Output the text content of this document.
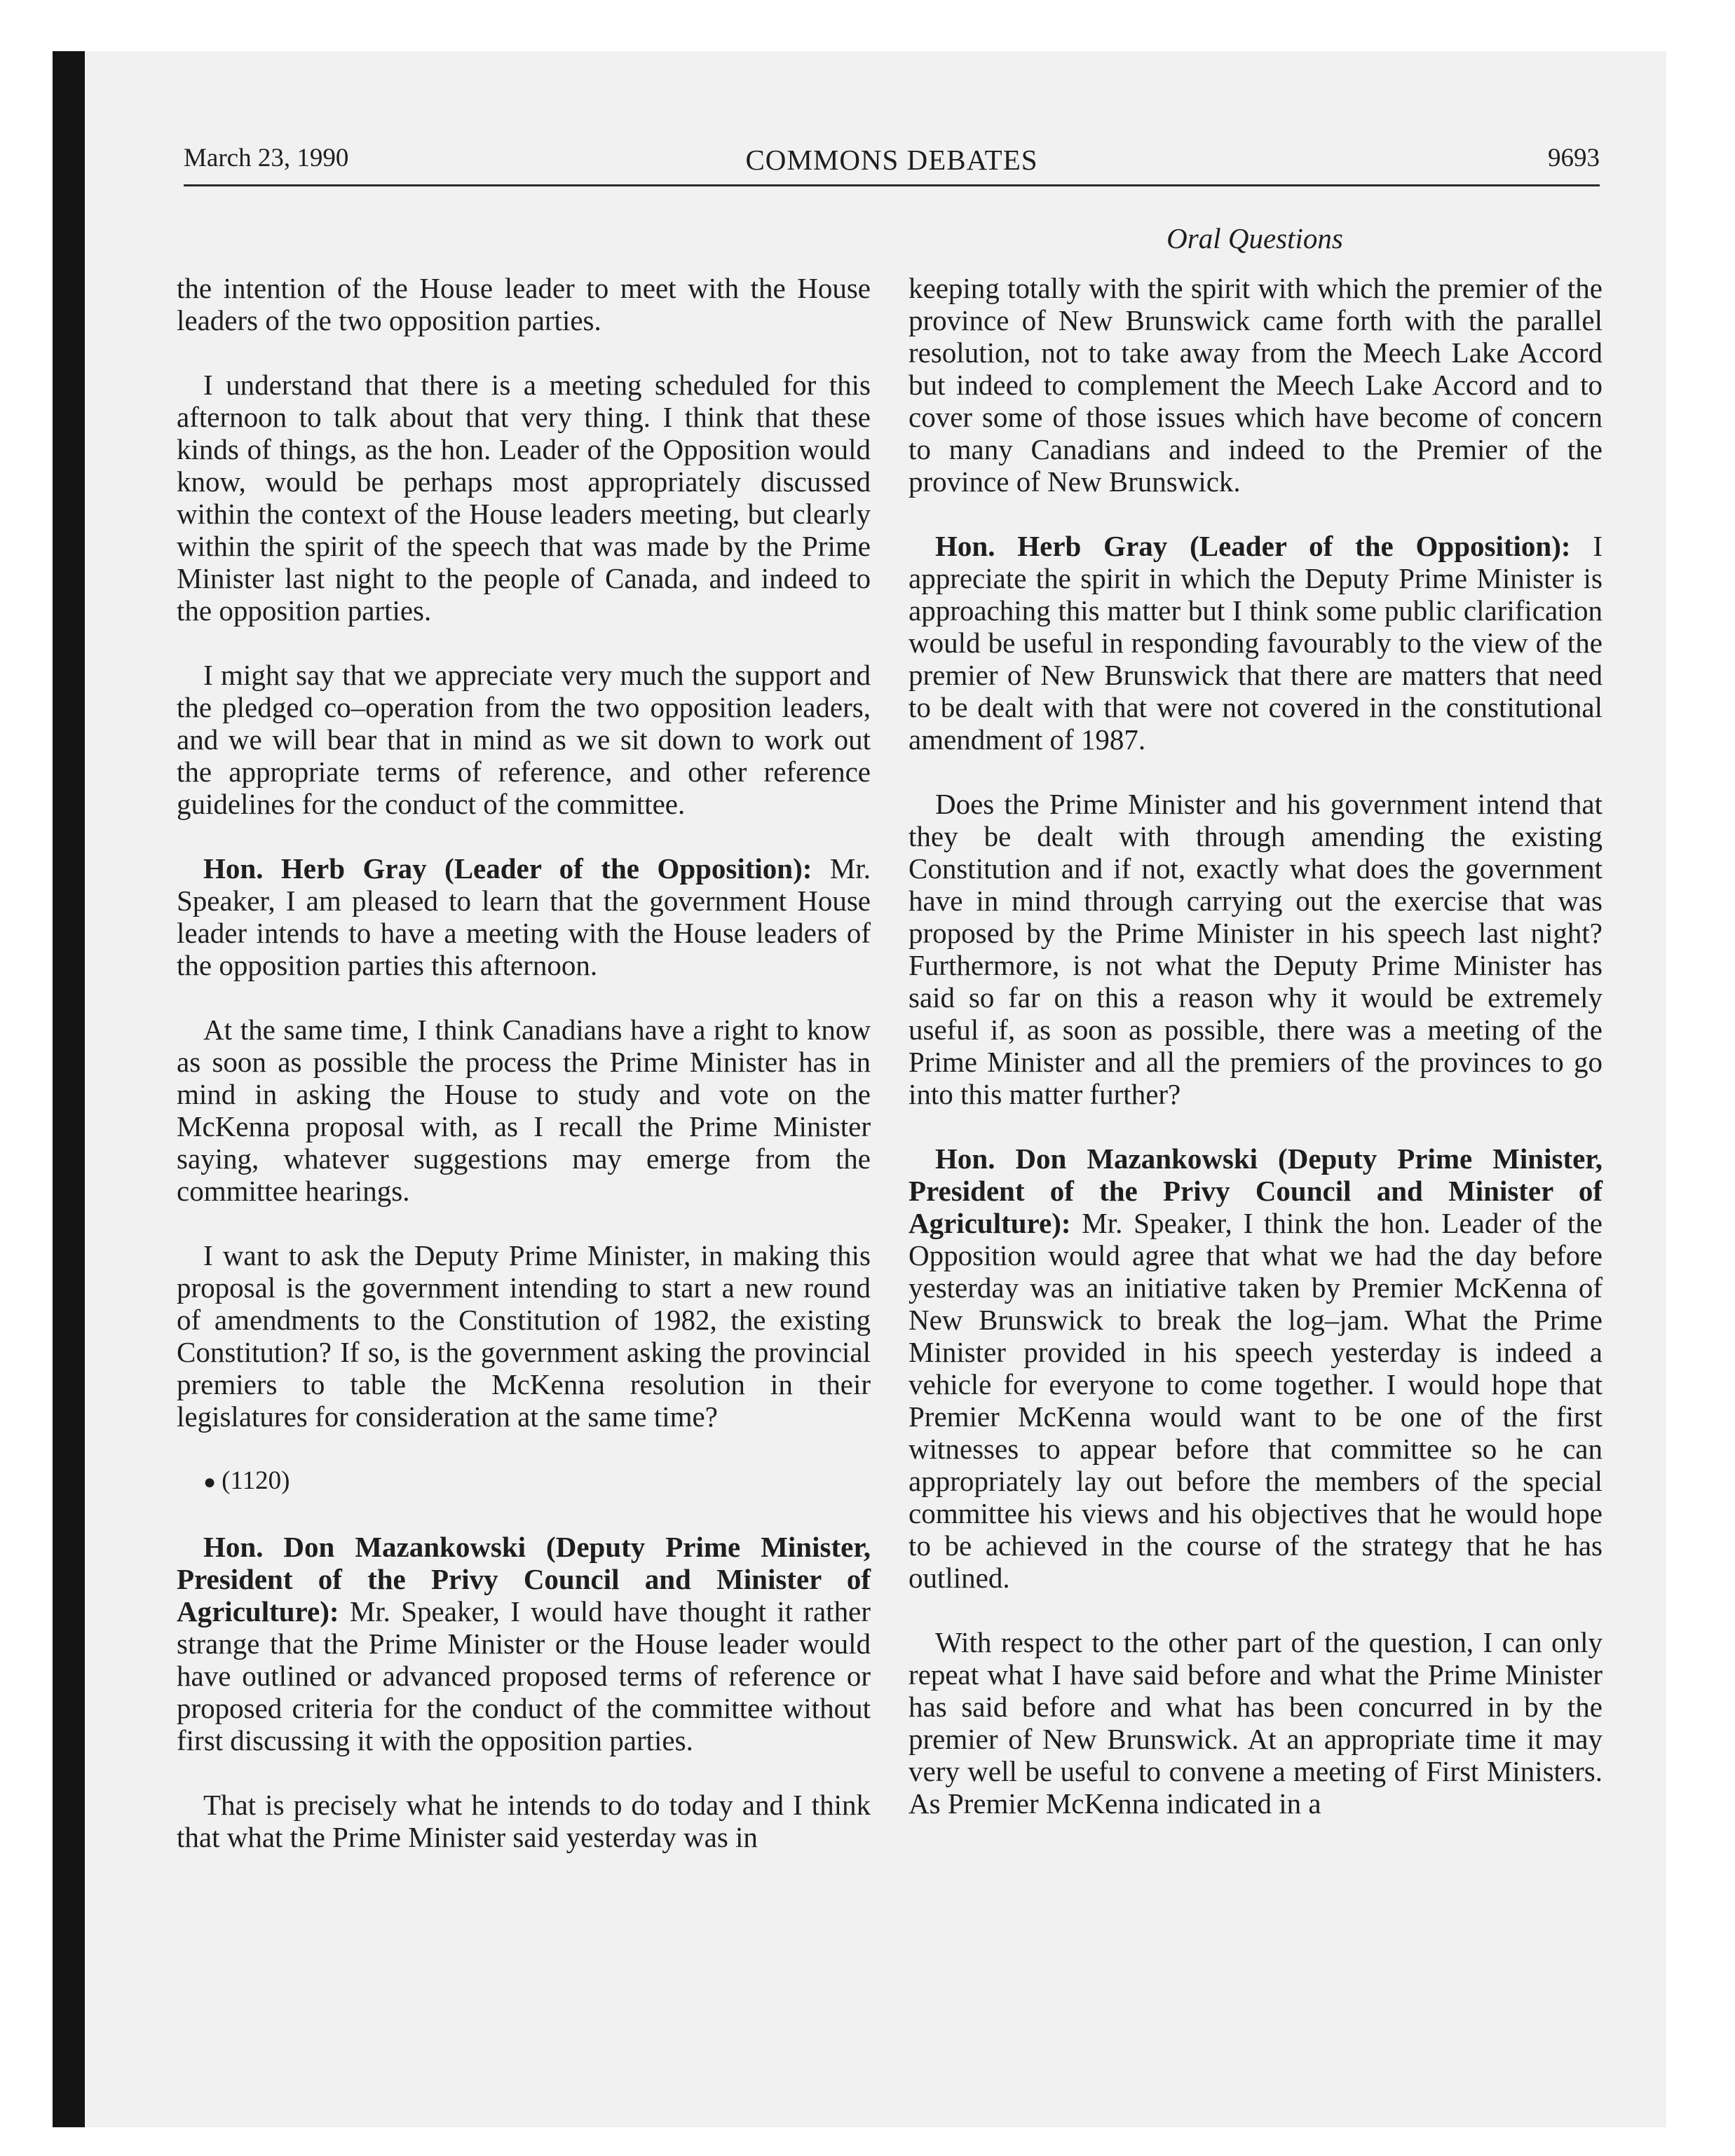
March 23, 1990	COMMONS DEBATES	9693
Oral Questions

the intention of the House leader to meet with the House leaders of the two opposition parties.

I understand that there is a meeting scheduled for this afternoon to talk about that very thing. I think that these kinds of things, as the hon. Leader of the Opposition would know, would be perhaps most appropriately discussed within the context of the House leaders meeting, but clearly within the spirit of the speech that was made by the Prime Minister last night to the people of Canada, and indeed to the opposition parties.

I might say that we appreciate very much the support and the pledged co–operation from the two opposition leaders, and we will bear that in mind as we sit down to work out the appropriate terms of reference, and other reference guidelines for the conduct of the committee.

Hon. Herb Gray (Leader of the Opposition): Mr. Speaker, I am pleased to learn that the government House leader intends to have a meeting with the House leaders of the opposition parties this afternoon.

At the same time, I think Canadians have a right to know as soon as possible the process the Prime Minister has in mind in asking the House to study and vote on the McKenna proposal with, as I recall the Prime Minister saying, whatever suggestions may emerge from the committee hearings.

I want to ask the Deputy Prime Minister, in making this proposal is the government intending to start a new round of amendments to the Constitution of 1982, the existing Constitution? If so, is the government asking the provincial premiers to table the McKenna resolution in their legislatures for consideration at the same time?

● (1120)

Hon. Don Mazankowski (Deputy Prime Minister, President of the Privy Council and Minister of Agriculture): Mr. Speaker, I would have thought it rather strange that the Prime Minister or the House leader would have outlined or advanced proposed terms of reference or proposed criteria for the conduct of the committee without first discussing it with the opposition parties.

That is precisely what he intends to do today and I think that what the Prime Minister said yesterday was in

keeping totally with the spirit with which the premier of the province of New Brunswick came forth with the parallel resolution, not to take away from the Meech Lake Accord but indeed to complement the Meech Lake Accord and to cover some of those issues which have become of concern to many Canadians and indeed to the Premier of the province of New Brunswick.

Hon. Herb Gray (Leader of the Opposition): I appreciate the spirit in which the Deputy Prime Minister is approaching this matter but I think some public clarification would be useful in responding favourably to the view of the premier of New Brunswick that there are matters that need to be dealt with that were not covered in the constitutional amendment of 1987.

Does the Prime Minister and his government intend that they be dealt with through amending the existing Constitution and if not, exactly what does the government have in mind through carrying out the exercise that was proposed by the Prime Minister in his speech last night? Furthermore, is not what the Deputy Prime Minister has said so far on this a reason why it would be extremely useful if, as soon as possible, there was a meeting of the Prime Minister and all the premiers of the provinces to go into this matter further?

Hon. Don Mazankowski (Deputy Prime Minister, President of the Privy Council and Minister of Agriculture): Mr. Speaker, I think the hon. Leader of the Opposition would agree that what we had the day before yesterday was an initiative taken by Premier McKenna of New Brunswick to break the log–jam. What the Prime Minister provided in his speech yesterday is indeed a vehicle for everyone to come together. I would hope that Premier McKenna would want to be one of the first witnesses to appear before that committee so he can appropriately lay out before the members of the special committee his views and his objectives that he would hope to be achieved in the course of the strategy that he has outlined.

With respect to the other part of the question, I can only repeat what I have said before and what the Prime Minister has said before and what has been concurred in by the premier of New Brunswick. At an appropriate time it may very well be useful to convene a meeting of First Ministers. As Premier McKenna indicated in a
